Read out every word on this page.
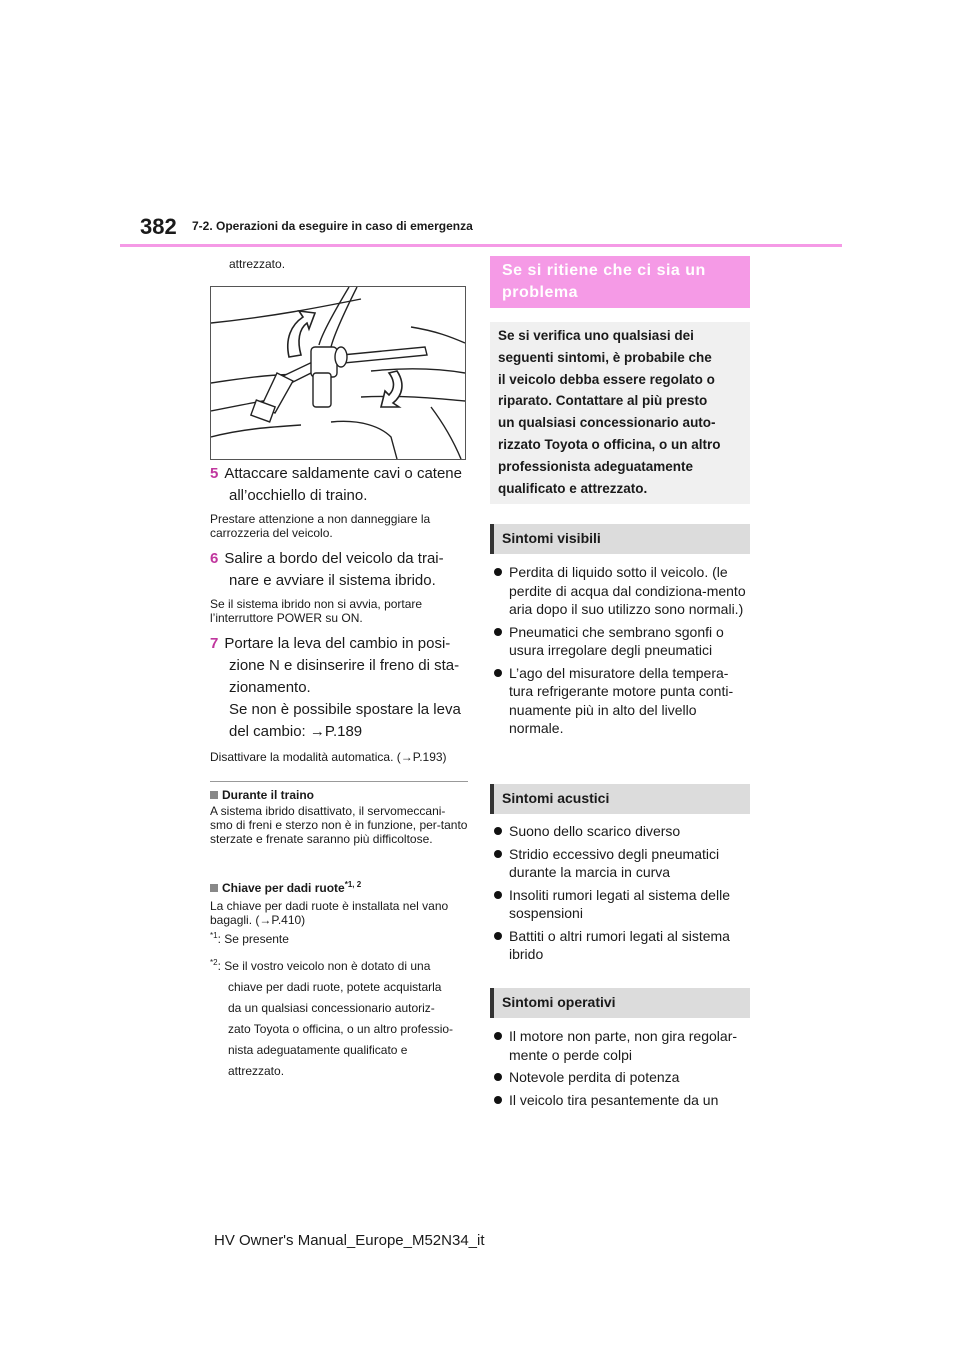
382 7-2. Operazioni da eseguire in caso di emergenza
attrezzato.
5 Attaccare saldamente cavi o catene
all’occhiello di traino.
Prestare attenzione a non danneggiare la carrozzeria del veicolo.
6 Salire a bordo del veicolo da trai-
nare e avviare il sistema ibrido.
Se il sistema ibrido non si avvia, portare l’interruttore POWER su ON.
7 Portare la leva del cambio in posi-
zione N e disinserire il freno di sta-
zionamento.
Se non è possibile spostare la leva
del cambio: →P.189
Disattivare la modalità automatica. (→P.193)
Durante il traino
A sistema ibrido disattivato, il servomeccani-smo di freni e sterzo non è in funzione, per-tanto sterzate e frenate saranno più difficoltose.
Chiave per dadi ruote$^{*1, 2}$
La chiave per dadi ruote è installata nel vano bagagli. (→P.410)
$^{*1}$: Se presente
$^{*2}$: Se il vostro veicolo non è dotato di una
chiave per dadi ruote, potete acquistarla
da un qualsiasi concessionario autoriz-
zato Toyota o officina, o un altro professio-
nista adeguatamente qualificato e
attrezzato.
Se si ritiene che ci sia un
problema
Se si verifica uno qualsiasi dei
seguenti sintomi, è probabile che
il veicolo debba essere regolato o
riparato. Contattare al più presto
un qualsiasi concessionario auto-
rizzato Toyota o officina, o un altro
professionista adeguatamente
qualificato e attrezzato.
Sintomi visibili
Perdita di liquido sotto il veicolo. (le perdite di acqua dal condiziona-mento aria dopo il suo utilizzo sono normali.)
Pneumatici che sembrano sgonfi o usura irregolare degli pneumatici
L’ago del misuratore della tempera-tura refrigerante motore punta conti-nuamente più in alto del livello normale.
Sintomi acustici
Suono dello scarico diverso
Stridio eccessivo degli pneumatici durante la marcia in curva
Insoliti rumori legati al sistema delle sospensioni
Battiti o altri rumori legati al sistema ibrido
Sintomi operativi
Il motore non parte, non gira regolar-mente o perde colpi
Notevole perdita di potenza
Il veicolo tira pesantemente da un
HV Owner's Manual_Europe_M52N34_it
